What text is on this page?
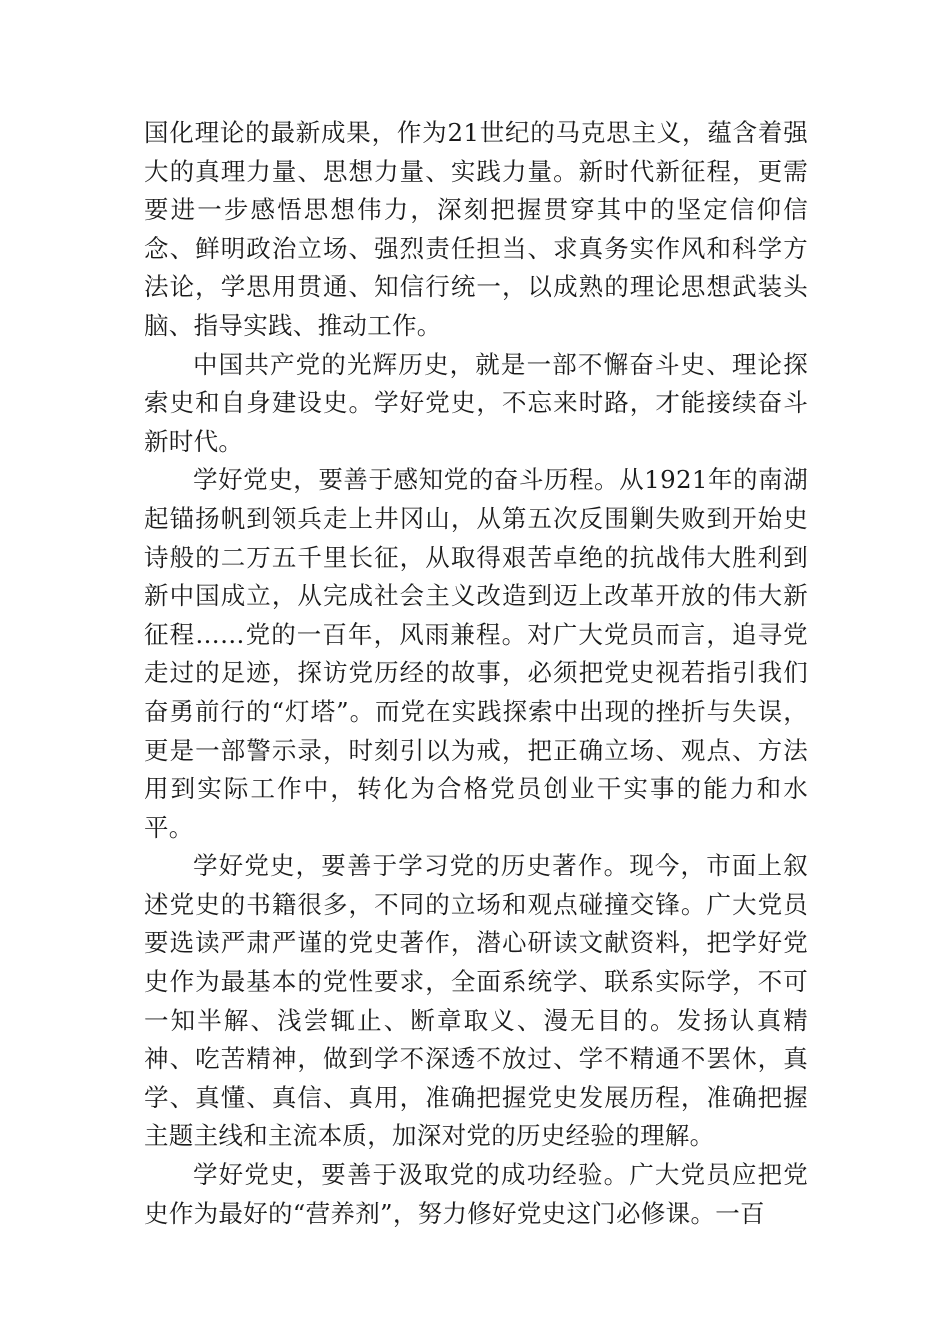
国化理论的最新成果，作为21世纪的马克思主义，蕴含着强大的真理力量、思想力量、实践力量。新时代新征程，更需要进一步感悟思想伟力，深刻把握贯穿其中的坚定信仰信念、鲜明政治立场、强烈责任担当、求真务实作风和科学方法论，学思用贯通、知信行统一，以成熟的理论思想武装头脑、指导实践、推动工作。

中国共产党的光辉历史，就是一部不懈奋斗史、理论探索史和自身建设史。学好党史，不忘来时路，才能接续奋斗新时代。

学好党史，要善于感知党的奋斗历程。从1921年的南湖起锚扬帆到领兵走上井冈山，从第五次反围剿失败到开始史诗般的二万五千里长征，从取得艰苦卓绝的抗战伟大胜利到新中国成立，从完成社会主义改造到迈上改革开放的伟大新征程……党的一百年，风雨兼程。对广大党员而言，追寻党走过的足迹，探访党历经的故事，必须把党史视若指引我们奋勇前行的“灯塔”。而党在实践探索中出现的挫折与失误，更是一部警示录，时刻引以为戒，把正确立场、观点、方法用到实际工作中，转化为合格党员创业干实事的能力和水平。

学好党史，要善于学习党的历史著作。现今，市面上叙述党史的书籍很多，不同的立场和观点碰撞交锋。广大党员要选读严肃严谨的党史著作，潜心研读文献资料，把学好党史作为最基本的党性要求，全面系统学、联系实际学，不可一知半解、浅尝辄止、断章取义、漫无目的。发扬认真精神、吃苦精神，做到学不深透不放过、学不精通不罢休，真学、真懂、真信、真用，准确把握党史发展历程，准确把握主题主线和主流本质，加深对党的历史经验的理解。

学好党史，要善于汲取党的成功经验。广大党员应把党史作为最好的“营养剂”，努力修好党史这门必修课。一百
